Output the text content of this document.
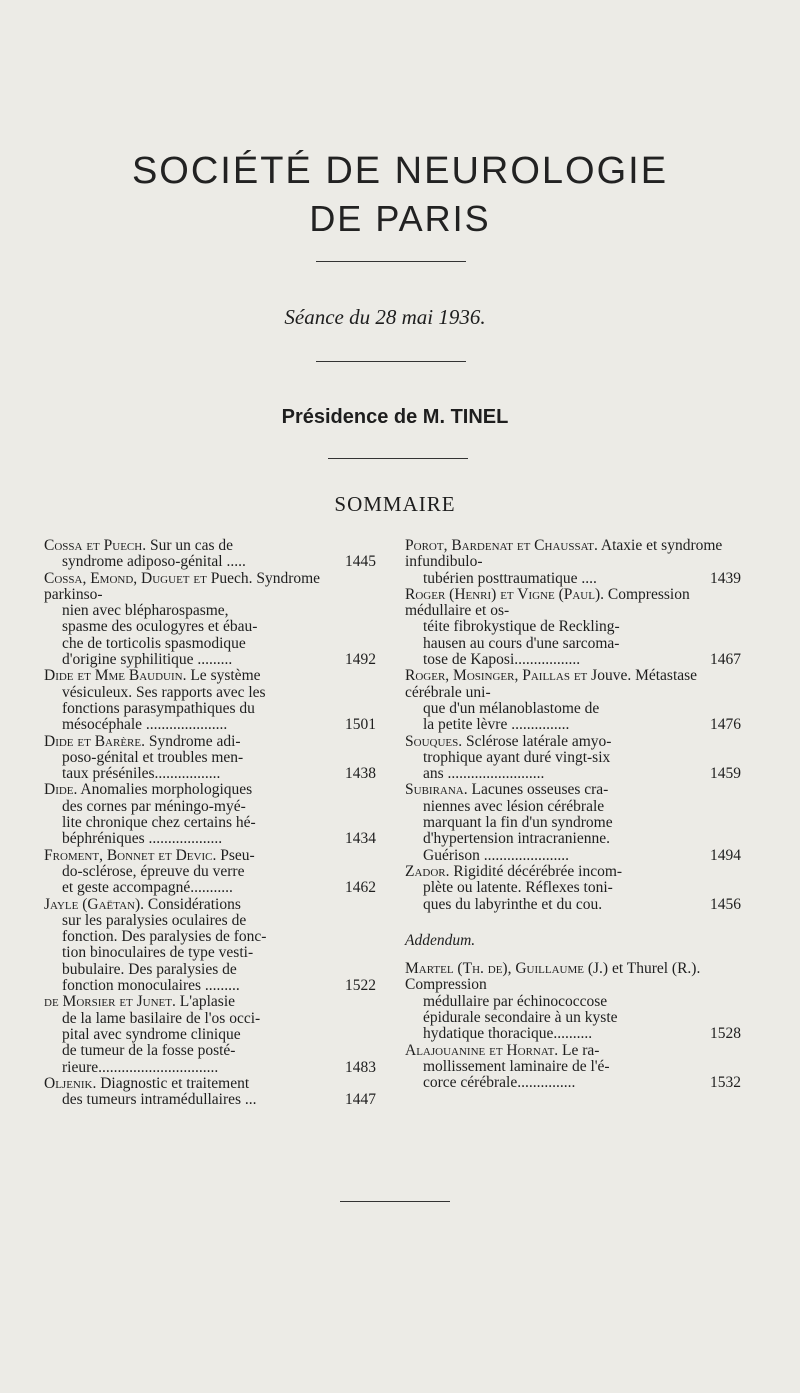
SOCIÉTÉ DE NEUROLOGIE
DE PARIS
Séance du 28 mai 1936.
Présidence de M. TINEL
SOMMAIRE
Cossa et Puech. Sur un cas de
syndrome adiposo-génital .....	1445
Cossa, Emond, Duguet et Puech. Syndrome parkinso-
nien avec blépharospasme,
spasme des oculogyres et ébau-
che de torticolis spasmodique
d'origine syphilitique .........	1492
Dide et Mme Bauduin. Le système
vésiculeux. Ses rapports avec les
fonctions parasympathiques du
mésocéphale .....................	1501
Dide et Barère. Syndrome adi-
poso-génital et troubles men-
taux préséniles.................	1438
Dide. Anomalies morphologiques
des cornes par méningo-myé-
lite chronique chez certains hé-
béphréniques ...................	1434
Froment, Bonnet et Devic. Pseu-
do-sclérose, épreuve du verre
et geste accompagné...........	1462
Jayle (Gaëtan). Considérations
sur les paralysies oculaires de
fonction. Des paralysies de fonc-
tion binoculaires de type vesti-
bubulaire. Des paralysies de
fonction monoculaires .........	1522
de Morsier et Junet. L'aplasie
de la lame basilaire de l'os occi-
pital avec syndrome clinique
de tumeur de la fosse posté-
rieure...............................	1483
Oljenik. Diagnostic et traitement
des tumeurs intramédullaires ...	1447
Porot, Bardenat et Chaussat. Ataxie et syndrome infundibulo-
tubérien posttraumatique ....	1439
Roger (Henri) et Vigne (Paul). Compression médullaire et os-
téite fibrokystique de Reckling-
hausen au cours d'une sarcoma-
tose de Kaposi.................	1467
Roger, Mosinger, Paillas et Jouve. Métastase cérébrale uni-
que d'un mélanoblastome de
la petite lèvre ...............	1476
Souques. Sclérose latérale amyo-
trophique ayant duré vingt-six
ans .........................	1459
Subirana. Lacunes osseuses cra-
niennes avec lésion cérébrale
marquant la fin d'un syndrome
d'hypertension intracranienne.
Guérison ......................	1494
Zador. Rigidité décérébrée incom-
plète ou latente. Réflexes toni-
ques du labyrinthe et du cou.	1456
Addendum.
Martel (Th. de), Guillaume (J.) et Thurel (R.). Compression
médullaire par échinococcose
épidurale secondaire à un kyste
hydatique thoracique..........	1528
Alajouanine et Hornat. Le ra-
mollissement laminaire de l'é-
corce cérébrale...............	1532
